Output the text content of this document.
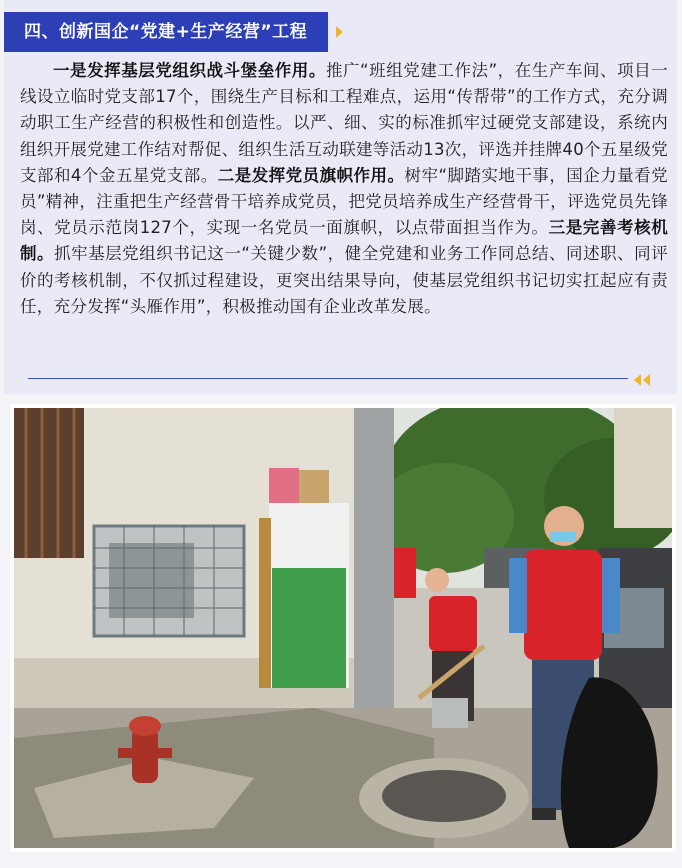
四、创新国企“党建+生产经营”工程
一是发挥基层党组织战斗堡垒作用。推广“班组党建工作法”，在生产车间、项目一线设立临时党支部17个，围绕生产目标和工程难点，运用“传帮带”的工作方式，充分调动职工生产经营的积极性和创造性。以严、细、实的标准抓牢过硬党支部建设，系统内组织开展党建工作结对帮促、组织生活互动联建等活动13次，评选并挂牌40个五星级党支部和4个金五星党支部。二是发挥党员旗帜作用。树牢“脚踏实地干事，国企力量看党员”精神，注重把生产经营骨干培养成党员，把党员培养成生产经营骨干，评选党员先锋岗、党员示范岗127个，实现一名党员一面旗帜，以点带面担当作为。三是完善考核机制。抓牢基层党组织书记这一“关键少数”，健全党建和业务工作同总结、同述职、同评价的考核机制，不仅抓过程建设，更突出结果导向，使基层党组织书记切实扛起应有责任，充分发挥“头雁作用”，积极推动国有企业改革发展。
